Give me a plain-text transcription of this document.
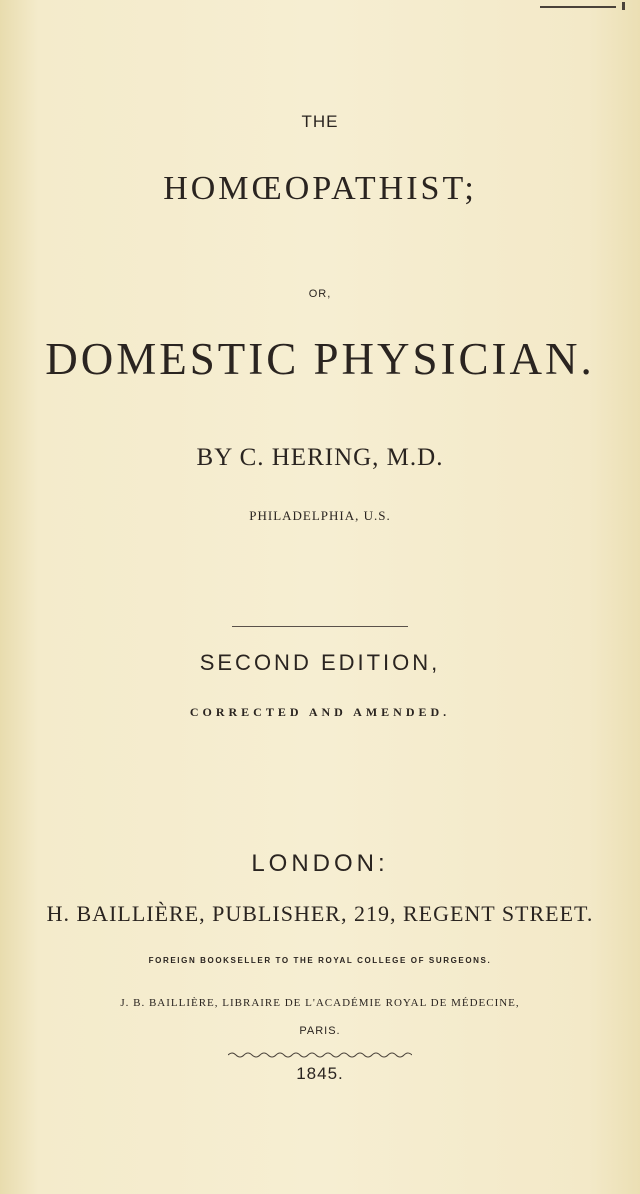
THE
HOMŒOPATHIST;
OR,
DOMESTIC PHYSICIAN.
BY C. HERING, M.D.
PHILADELPHIA, U.S.
SECOND EDITION,
CORRECTED AND AMENDED.
LONDON:
H. BAILLIÈRE, PUBLISHER, 219, REGENT STREET.
FOREIGN BOOKSELLER TO THE ROYAL COLLEGE OF SURGEONS.
J. B. BAILLIÈRE, LIBRAIRE DE L'ACADÉMIE ROYAL DE MÉDECINE,
PARIS.
1845.
